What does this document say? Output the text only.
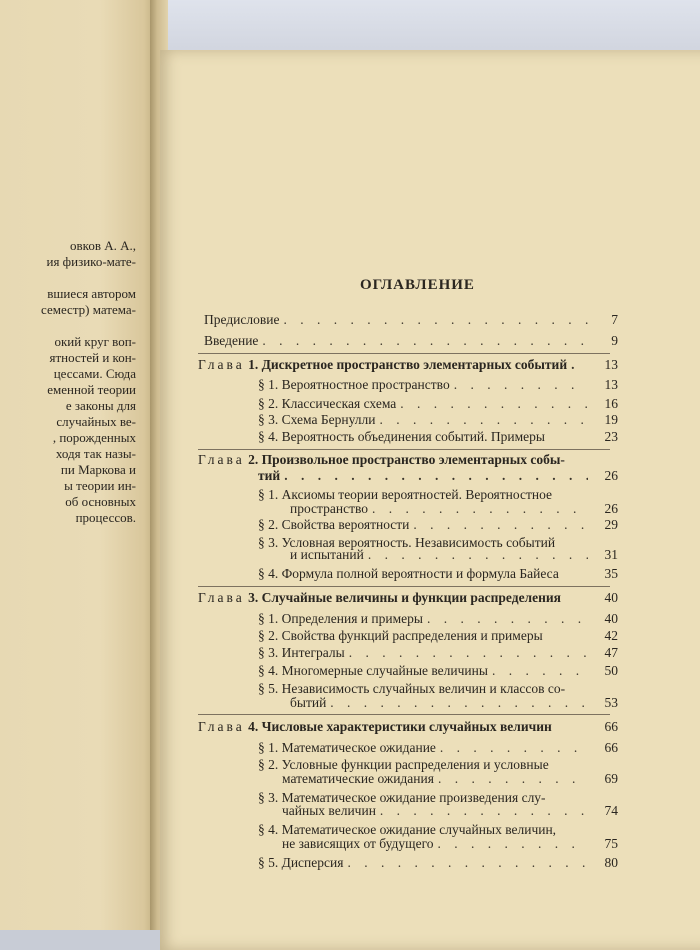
овков А. А.,
ия физико-мате-
вшиеся автором
семестр) матема-
окий круг воп-
ятностей и кон-
цессами. Сюда
еменной теории
е законы для
случайных ве-
, порожденных
ходя так назы-
пи Маркова и
ы теории ин-
об основных
процессов.
ОГЛАВЛЕНИЕ
Предисловие . . .	7
Введение . . .	9
Глава 1. Дискретное пространство элементарных событий . . .	13
§ 1. Вероятностное пространство . . .	13
§ 2. Классическая схема . . .	16
§ 3. Схема Бернулли . . .	19
§ 4. Вероятность объединения событий. Примеры	23
Глава 2. Произвольное пространство элементарных собы-
тий . . .	26
§ 1. Аксиомы теории вероятностей. Вероятностное
пространство . . .	26
§ 2. Свойства вероятности . . .	29
§ 3. Условная вероятность. Независимость событий
и испытаний . . .	31
§ 4. Формула полной вероятности и формула Байеса	35
Глава 3. Случайные величины и функции распределения	40
§ 1. Определения и примеры . . .	40
§ 2. Свойства функций распределения и примеры	42
§ 3. Интегралы . . .	47
§ 4. Многомерные случайные величины . . .	50
§ 5. Независимость случайных величин и классов со-
бытий . . .	53
Глава 4. Числовые характеристики случайных величин	66
§ 1. Математическое ожидание . . .	66
§ 2. Условные функции распределения и условные
математические ожидания . . .	69
§ 3. Математическое ожидание произведения слу-
чайных величин . . .	74
§ 4. Математическое ожидание случайных величин,
не зависящих от будущего . . .	75
§ 5. Дисперсия . . .	80
